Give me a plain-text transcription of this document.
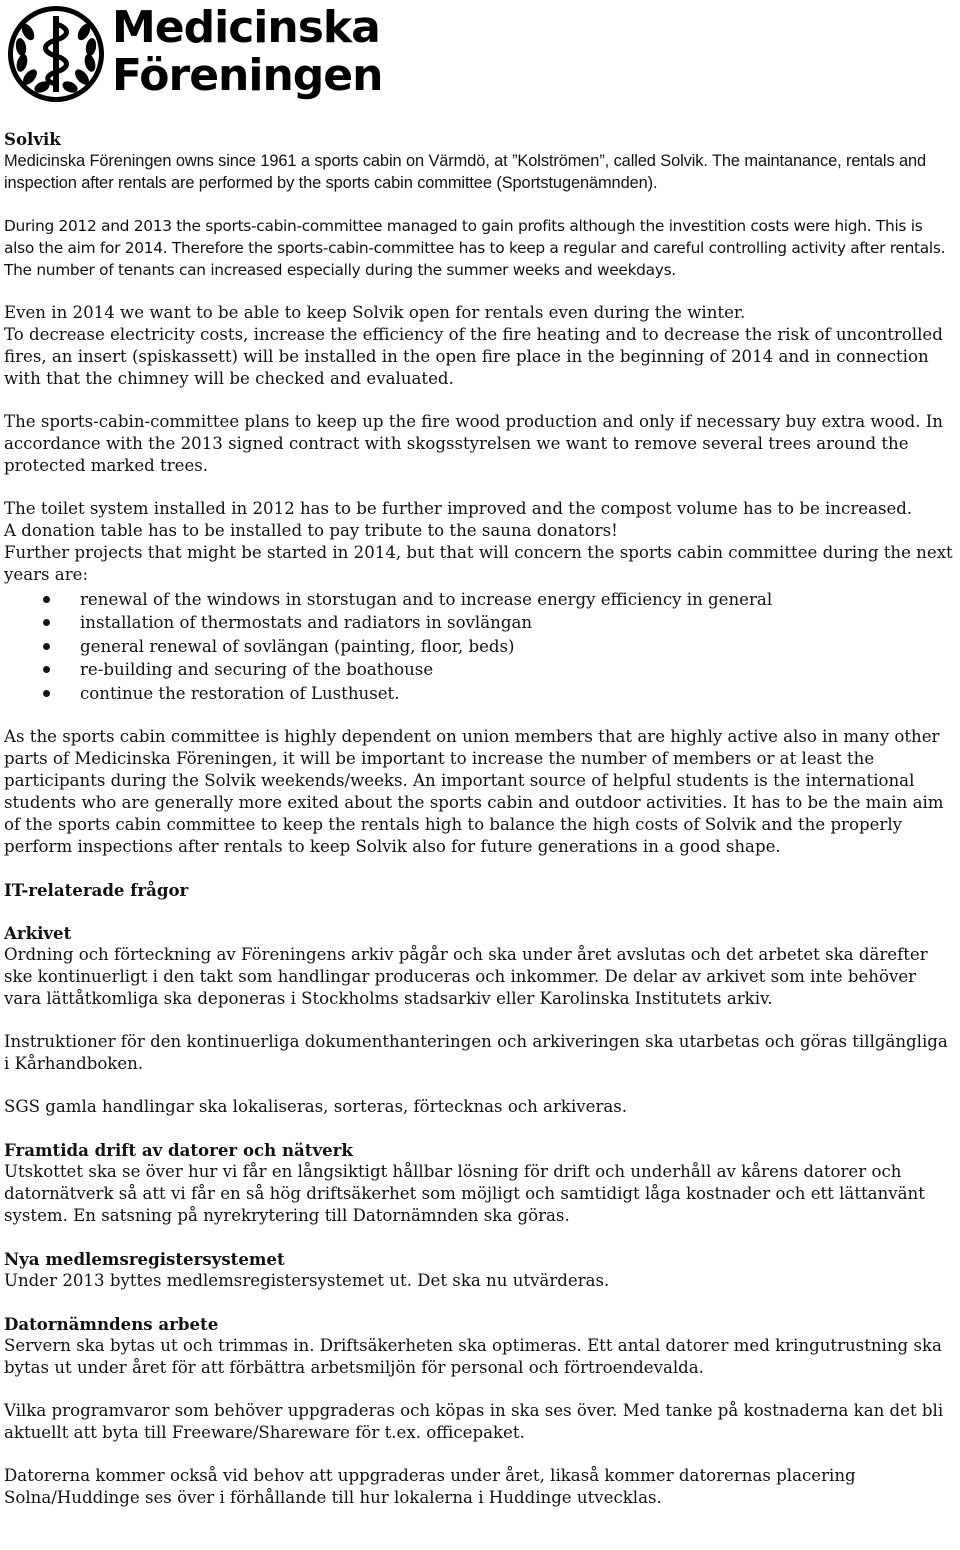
Medicinska
Föreningen

Solvik

Medicinska Föreningen owns since 1961 a sports cabin on Värmdö, at ”Kolströmen”, called Solvik. The maintanance, rentals and inspection after rentals are performed by the sports cabin committee (Sportstugenämnden).

During 2012 and 2013 the sports-cabin-committee managed to gain profits although the investition costs were high. This is also the aim for 2014. Therefore the sports-cabin-committee has to keep a regular and careful controlling activity after rentals. The number of tenants can increased especially during the summer weeks and weekdays.

Even in 2014 we want to be able to keep Solvik open for rentals even during the winter.

To decrease electricity costs, increase the efficiency of the fire heating and to decrease the risk of uncontrolled fires, an insert (spiskassett) will be installed in the open fire place in the beginning of 2014 and in connection with that the chimney will be checked and evaluated.

The sports-cabin-committee plans to keep up the fire wood production and only if necessary buy extra wood. In accordance with the 2013 signed contract with skogsstyrelsen we want to remove several trees around the protected marked trees.

The toilet system installed in 2012 has to be further improved and the compost volume has to be increased.

A donation table has to be installed to pay tribute to the sauna donators!

Further projects that might be started in 2014, but that will concern the sports cabin committee during the next years are:

renewal of the windows in storstugan and to increase energy efficiency in general
installation of thermostats and radiators in sovlängan
general renewal of sovlängan (painting, floor, beds)
re-building and securing of the boathouse
continue the restoration of Lusthuset.

As the sports cabin committee is highly dependent on union members that are highly active also in many other parts of Medicinska Föreningen, it will be important to increase the number of members or at least the participants during the Solvik weekends/weeks. An important source of helpful students is the international students who are generally more exited about the sports cabin and outdoor activities. It has to be the main aim of the sports cabin committee to keep the rentals high to balance the high costs of Solvik and the properly perform inspections after rentals to keep Solvik also for future generations in a good shape.

IT-relaterade frågor

Arkivet

Ordning och förteckning av Föreningens arkiv pågår och ska under året avslutas och det arbetet ska därefter ske kontinuerligt i den takt som handlingar produceras och inkommer. De delar av arkivet som inte behöver vara lättåtkomliga ska deponeras i Stockholms stadsarkiv eller Karolinska Institutets arkiv.

Instruktioner för den kontinuerliga dokumenthanteringen och arkiveringen ska utarbetas och göras tillgängliga i Kårhandboken.

SGS gamla handlingar ska lokaliseras, sorteras, förtecknas och arkiveras.

Framtida drift av datorer och nätverk

Utskottet ska se över hur vi får en långsiktigt hållbar lösning för drift och underhåll av kårens datorer och datornätverk så att vi får en så hög driftsäkerhet som möjligt och samtidigt låga kostnader och ett lättanvänt system. En satsning på nyrekrytering till Datornämnden ska göras.

Nya medlemsregistersystemet

Under 2013 byttes medlemsregistersystemet ut. Det ska nu utvärderas.

Datornämndens arbete

Servern ska bytas ut och trimmas in. Driftsäkerheten ska optimeras. Ett antal datorer med kringutrustning ska bytas ut under året för att förbättra arbetsmiljön för personal och förtroendevalda.

Vilka programvaror som behöver uppgraderas och köpas in ska ses över. Med tanke på kostnaderna kan det bli aktuellt att byta till Freeware/Shareware för t.ex. officepaket.

Datorerna kommer också vid behov att uppgraderas under året, likaså kommer datorernas placering Solna/Huddinge ses över i förhållande till hur lokalerna i Huddinge utvecklas.
